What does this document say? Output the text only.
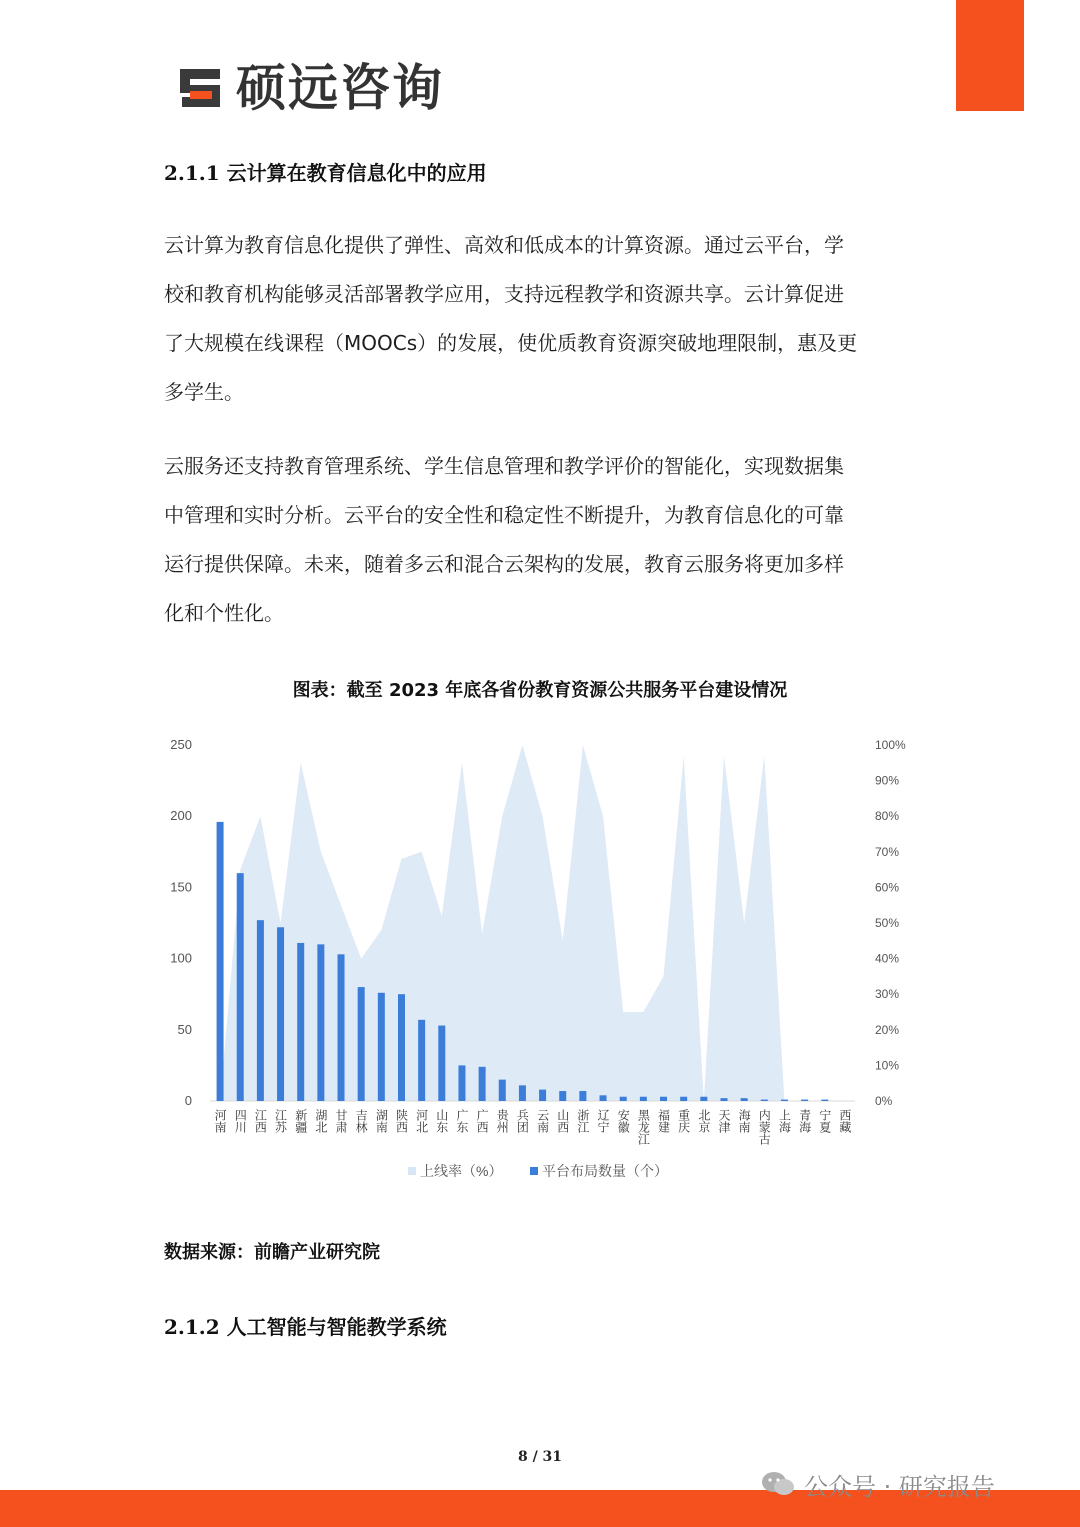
硕远咨询
2.1.1 云计算在教育信息化中的应用
云计算为教育信息化提供了弹性、高效和低成本的计算资源。通过云平台，学
校和教育机构能够灵活部署教学应用，支持远程教学和资源共享。云计算促进
了大规模在线课程（MOOCs）的发展，使优质教育资源突破地理限制，惠及更
多学生。
云服务还支持教育管理系统、学生信息管理和教学评价的智能化，实现数据集
中管理和实时分析。云平台的安全性和稳定性不断提升，为教育信息化的可靠
运行提供保障。未来，随着多云和混合云架构的发展，教育云服务将更加多样
化和个性化。
图表：截至 2023 年底各省份教育资源公共服务平台建设情况
0
50
100
150
200
250
0%
10%
20%
30%
40%
50%
60%
70%
80%
90%
100%
河南 四川 江西 江苏 新疆 湖北 甘肃 吉林 湖南 陕西 河北 山东 广东 广西 贵州 兵团 云南 山西 浙江 辽宁 安徽 黑龙江 福建 重庆 北京 天津 海南 内蒙古 上海 青海 宁夏 西藏
上线率（%）	平台布局数量（个）
数据来源：前瞻产业研究院
2.1.2 人工智能与智能教学系统
8 / 31
公众号 · 研究报告
